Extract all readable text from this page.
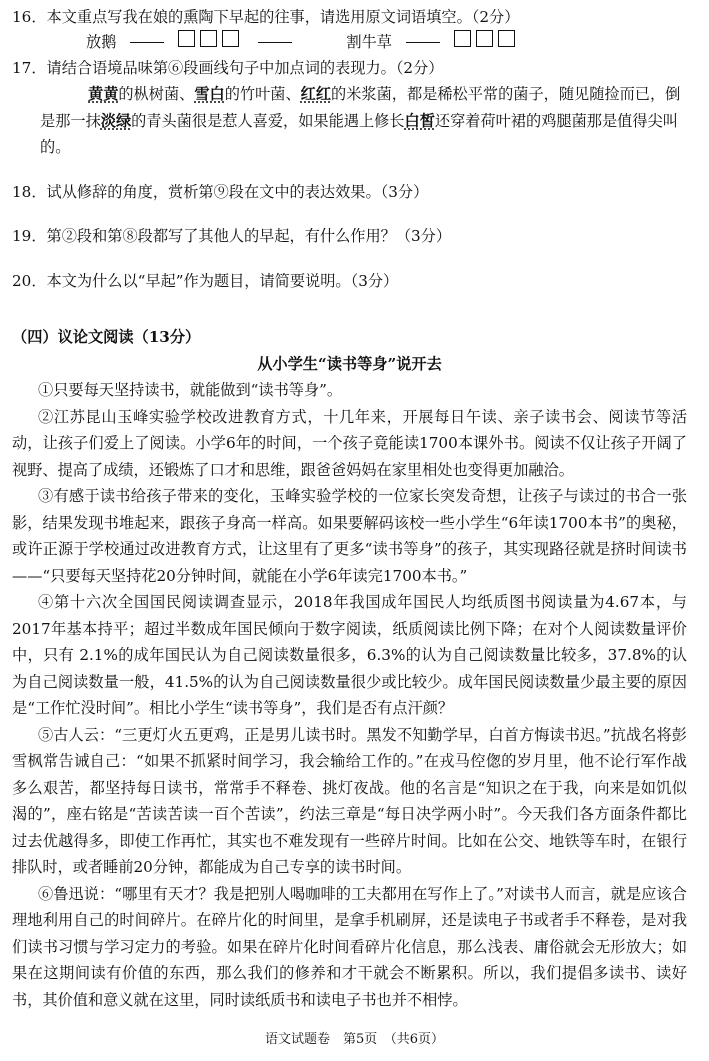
16．本文重点写我在娘的熏陶下早起的往事，请选用原文词语填空。（2分）
放鹅	割牛草
17．请结合语境品味第⑥段画线句子中加点词的表现力。（2分）
黄黄的枞树菌、雪白的竹叶菌、红红的米浆菌，都是稀松平常的菌子，随见随捡而已，倒是那一抹淡绿的青头菌很是惹人喜爱，如果能遇上修长白皙还穿着荷叶裙的鸡腿菌那是值得尖叫的。
18．试从修辞的角度，赏析第⑨段在文中的表达效果。（3分）
19．第②段和第⑧段都写了其他人的早起，有什么作用？（3分）
20．本文为什么以“早起”作为题目，请简要说明。（3分）
（四）议论文阅读（13分）
从小学生“读书等身”说开去

①只要每天坚持读书，就能做到“读书等身”。

②江苏昆山玉峰实验学校改进教育方式，十几年来，开展每日午读、亲子读书会、阅读节等活动，让孩子们爱上了阅读。小学6年的时间，一个孩子竟能读1700本课外书。阅读不仅让孩子开阔了视野、提高了成绩，还锻炼了口才和思维，跟爸爸妈妈在家里相处也变得更加融洽。

③有感于读书给孩子带来的变化，玉峰实验学校的一位家长突发奇想，让孩子与读过的书合一张影，结果发现书堆起来，跟孩子身高一样高。如果要解码该校一些小学生“6年读1700本书”的奥秘，或许正源于学校通过改进教育方式，让这里有了更多“读书等身”的孩子，其实现路径就是挤时间读书——“只要每天坚持花20分钟时间，就能在小学6年读完1700本书。”

④第十六次全国国民阅读调查显示，2018年我国成年国民人均纸质图书阅读量为4.67本，与2017年基本持平；超过半数成年国民倾向于数字阅读，纸质阅读比例下降；在对个人阅读数量评价中，只有 2.1%的成年国民认为自己阅读数量很多，6.3%的认为自己阅读数量比较多，37.8%的认为自己阅读数量一般，41.5%的认为自己阅读数量很少或比较少。成年国民阅读数量少最主要的原因是“工作忙没时间”。相比小学生“读书等身”，我们是否有点汗颜？

⑤古人云：“三更灯火五更鸡，正是男儿读书时。黑发不知勤学早，白首方悔读书迟。”抗战名将彭雪枫常告诫自己：“如果不抓紧时间学习，我会输给工作的。”在戎马倥偬的岁月里，他不论行军作战多么艰苦，都坚持每日读书，常常手不释卷、挑灯夜战。他的名言是“知识之在于我，向来是如饥似渴的”，座右铭是“苦读苦读一百个苦读”，约法三章是“每日决学两小时”。今天我们各方面条件都比过去优越得多，即使工作再忙，其实也不难发现有一些碎片时间。比如在公交、地铁等车时，在银行排队时，或者睡前20分钟，都能成为自己专享的读书时间。

⑥鲁迅说：“哪里有天才？我是把别人喝咖啡的工夫都用在写作上了。”对读书人而言，就是应该合理地利用自己的时间碎片。在碎片化的时间里，是拿手机刷屏，还是读电子书或者手不释卷，是对我们读书习惯与学习定力的考验。如果在碎片化时间看碎片化信息，那么浅表、庸俗就会无形放大；如果在这期间读有价值的东西，那么我们的修养和才干就会不断累积。所以，我们提倡多读书、读好书，其价值和意义就在这里，同时读纸质书和读电子书也并不相悖。

语文试题卷　第5页　（共6页）
